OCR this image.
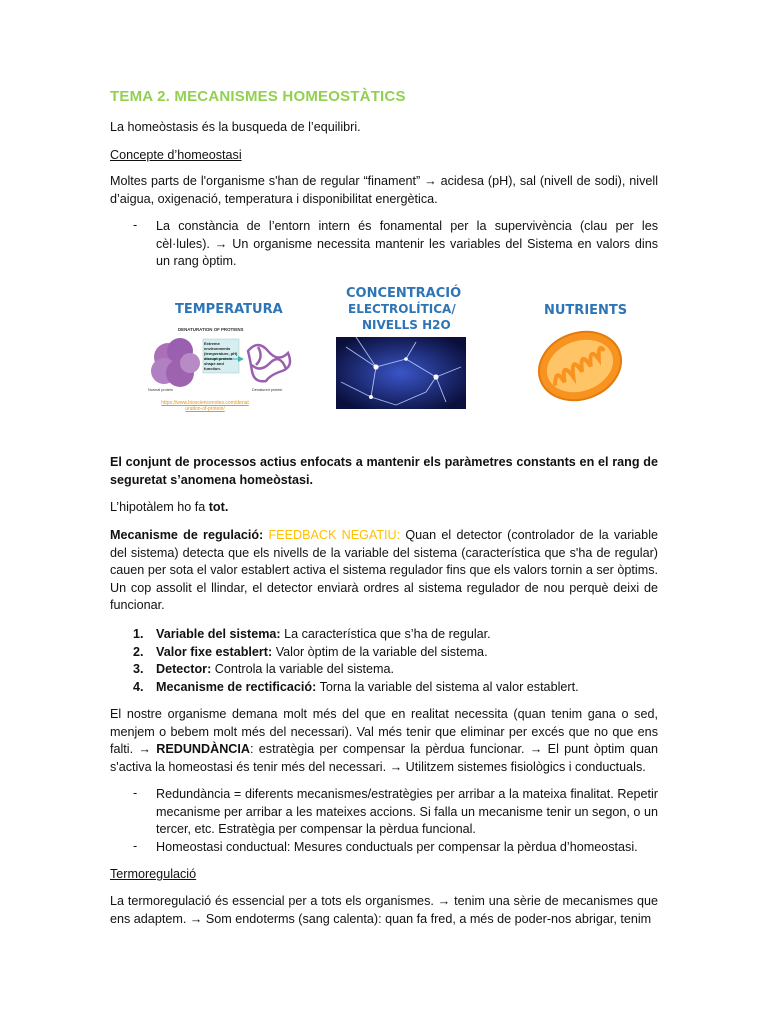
TEMA 2. MECANISMES HOMEOSTÀTICS

La homeòstasis és la busqueda de l’equilibri.

Concepte d’homeostasi

Moltes parts de l'organisme s'han de regular “finament” → acidesa (pH), sal (nivell de sodi), nivell d’aigua, oxigenació, temperatura i disponibilitat energètica.

- La constància de l’entorn intern és fonamental per la supervivència (clau per les cèl·lules). → Un organisme necessita mantenir les variables del Sistema en valors dins un rang òptim.

TEMPERATURA
DENATURATION OF PROTEINS
Extreme environments (temperature, pH) disrupt protein shape and function.
Normal protein	Denatured protein
https://www.biosciencenotes.com/denaturation-of-protein/
CONCENTRACIÓ
ELECTROLÍTICA/
NIVELLS H2O
NUTRIENTS

El conjunt de processos actius enfocats a mantenir els paràmetres constants en el rang de seguretat s’anomena homeòstasi.

L’hipotàlem ho fa tot.

Mecanisme de regulació: FEEDBACK NEGATIU: Quan el detector (controlador de la variable del sistema) detecta que els nivells de la variable del sistema (característica que s'ha de regular) cauen per sota el valor establert activa el sistema regulador fins que els valors tornin a ser òptims. Un cop assolit el llindar, el detector enviarà ordres al sistema regulador de nou perquè deixi de funcionar.

1. Variable del sistema: La característica que s’ha de regular.
2. Valor fixe establert: Valor òptim de la variable del sistema.
3. Detector: Controla la variable del sistema.
4. Mecanisme de rectificació: Torna la variable del sistema al valor establert.

El nostre organisme demana molt més del que en realitat necessita (quan tenim gana o sed, menjem o bebem molt més del necessari). Val més tenir que eliminar per excés que no que ens falti. → REDUNDÀNCIA: estratègia per compensar la pèrdua funcionar. → El punt òptim quan s'activa la homeostasi és tenir més del necessari. → Utilitzem sistemes fisiològics i conductuals.

- Redundància = diferents mecanismes/estratègies per arribar a la mateixa finalitat. Repetir mecanisme per arribar a les mateixes accions. Si falla un mecanisme tenir un segon, o un tercer, etc. Estratègia per compensar la pèrdua funcional.

- Homeostasi conductual: Mesures conductuals per compensar la pèrdua d’homeostasi.

Termoregulació

La termoregulació és essencial per a tots els organismes. → tenim una sèrie de mecanismes que ens adaptem. → Som endoterms (sang calenta): quan fa fred, a més de poder-nos abrigar, tenim
